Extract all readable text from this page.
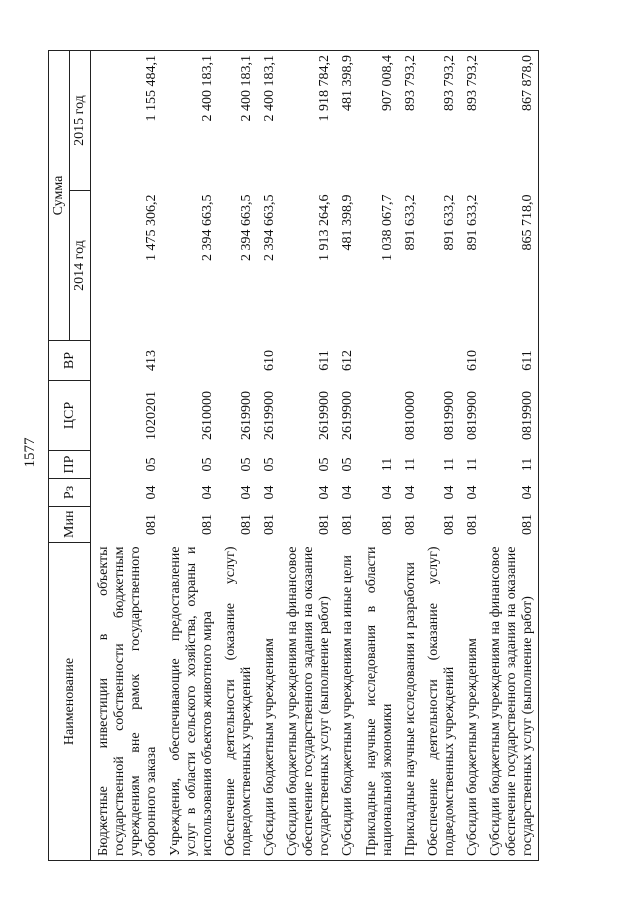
1577
Наименование	Мин	Рз	ПР	ЦСР	ВР	Сумма	
						2014 год	2015 год
Бюджетные инвестиции в объекты государственной собственности бюджетным учреждениям вне рамок государственного оборонного заказа	081	04	05	1020201	413	1 475 306,2	1 155 484,1
Учреждения, обеспечивающие предоставление услуг в области сельского хозяйства, охраны и использования объектов животного мира	081	04	05	2610000		2 394 663,5	2 400 183,1
Обеспечение деятельности (оказание услуг) подведомственных учреждений	081	04	05	2619900		2 394 663,5	2 400 183,1
Субсидии бюджетным учреждениям	081	04	05	2619900	610	2 394 663,5	2 400 183,1
Субсидии бюджетным учреждениям на финансовое обеспечение государственного задания на оказание государственных услуг (выполнение работ)	081	04	05	2619900	611	1 913 264,6	1 918 784,2
Субсидии бюджетным учреждениям на иные цели	081	04	05	2619900	612	481 398,9	481 398,9
Прикладные научные исследования в области национальной экономики	081	04	11			1 038 067,7	907 008,4
Прикладные научные исследования и разработки	081	04	11	0810000		891 633,2	893 793,2
Обеспечение деятельности (оказание услуг) подведомственных учреждений	081	04	11	0819900		891 633,2	893 793,2
Субсидии бюджетным учреждениям	081	04	11	0819900	610	891 633,2	893 793,2
Субсидии бюджетным учреждениям на финансовое обеспечение государственного задания на оказание государственных услуг (выполнение работ)	081	04	11	0819900	611	865 718,0	867 878,0
